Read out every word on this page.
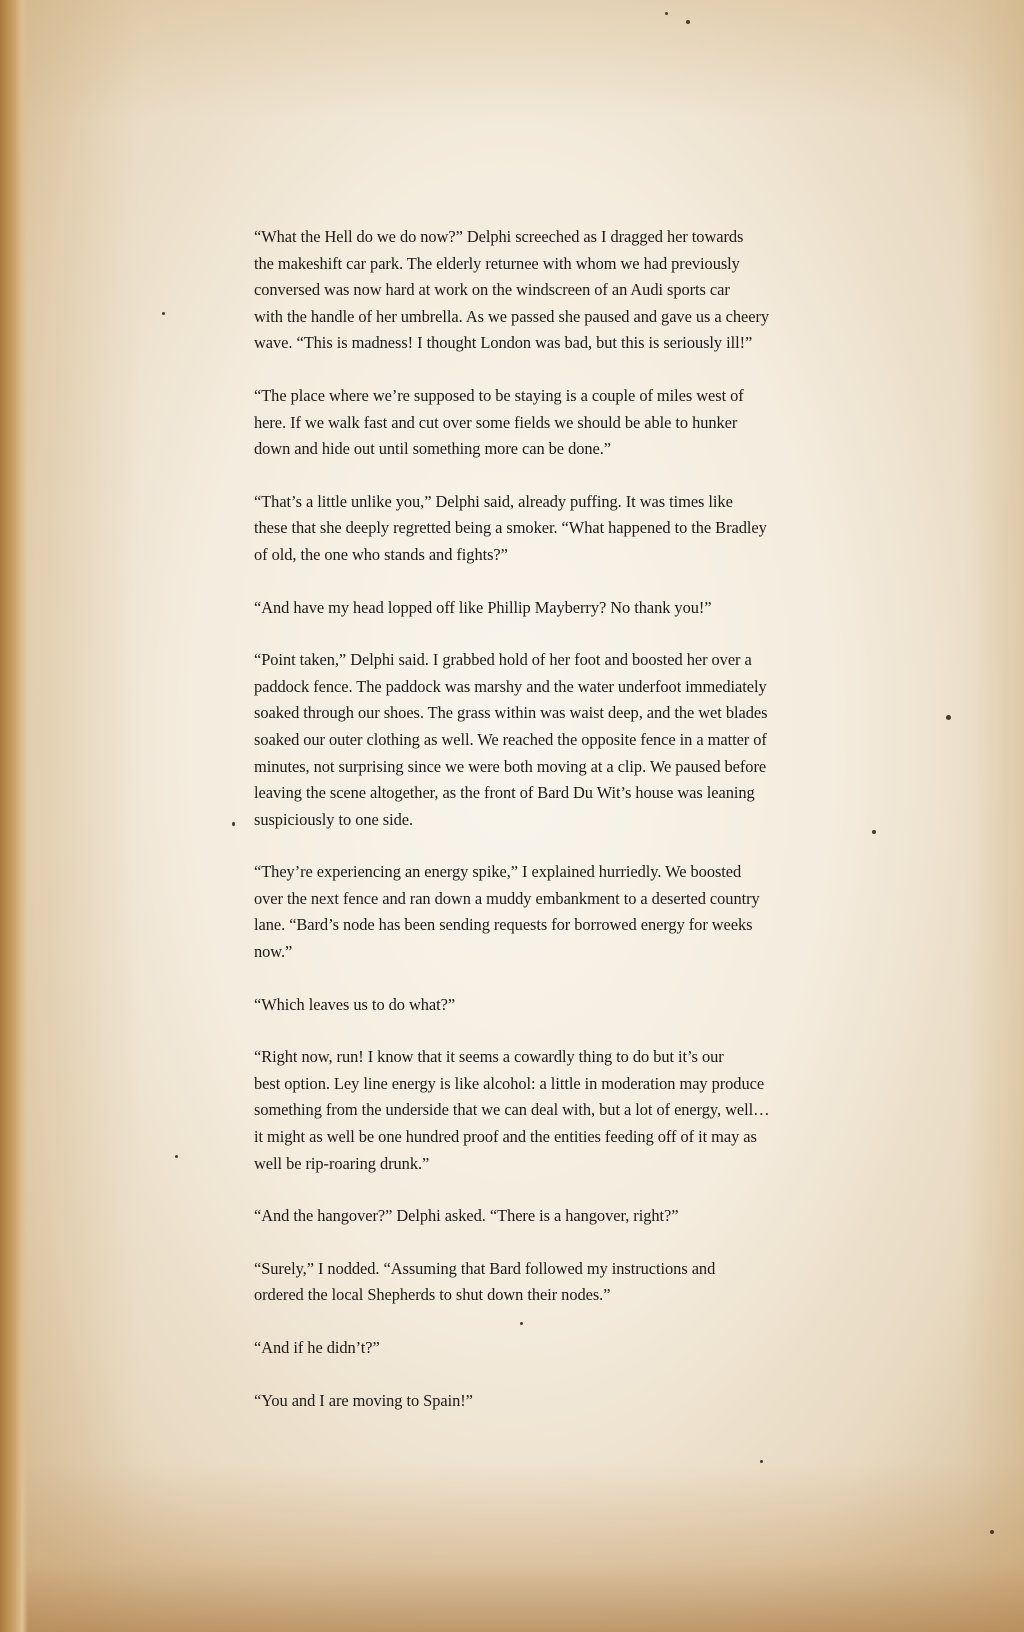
“What the Hell do we do now?” Delphi screeched as I dragged her towards
the makeshift car park. The elderly returnee with whom we had previously
conversed was now hard at work on the windscreen of an Audi sports car
with the handle of her umbrella. As we passed she paused and gave us a cheery
wave. “This is madness! I thought London was bad, but this is seriously ill!”

“The place where we’re supposed to be staying is a couple of miles west of
here. If we walk fast and cut over some fields we should be able to hunker
down and hide out until something more can be done.”

“That’s a little unlike you,” Delphi said, already puffing. It was times like
these that she deeply regretted being a smoker. “What happened to the Bradley
of old, the one who stands and fights?”

“And have my head lopped off like Phillip Mayberry? No thank you!”

“Point taken,” Delphi said. I grabbed hold of her foot and boosted her over a
paddock fence. The paddock was marshy and the water underfoot immediately
soaked through our shoes. The grass within was waist deep, and the wet blades
soaked our outer clothing as well. We reached the opposite fence in a matter of
minutes, not surprising since we were both moving at a clip. We paused before
leaving the scene altogether, as the front of Bard Du Wit’s house was leaning
suspiciously to one side.

“They’re experiencing an energy spike,” I explained hurriedly. We boosted
over the next fence and ran down a muddy embankment to a deserted country
lane. “Bard’s node has been sending requests for borrowed energy for weeks
now.”

“Which leaves us to do what?”

“Right now, run! I know that it seems a cowardly thing to do but it’s our
best option. Ley line energy is like alcohol: a little in moderation may produce
something from the underside that we can deal with, but a lot of energy, well…
it might as well be one hundred proof and the entities feeding off of it may as
well be rip-roaring drunk.”

“And the hangover?” Delphi asked. “There is a hangover, right?”

“Surely,” I nodded. “Assuming that Bard followed my instructions and
ordered the local Shepherds to shut down their nodes.”

“And if he didn’t?”

“You and I are moving to Spain!”
